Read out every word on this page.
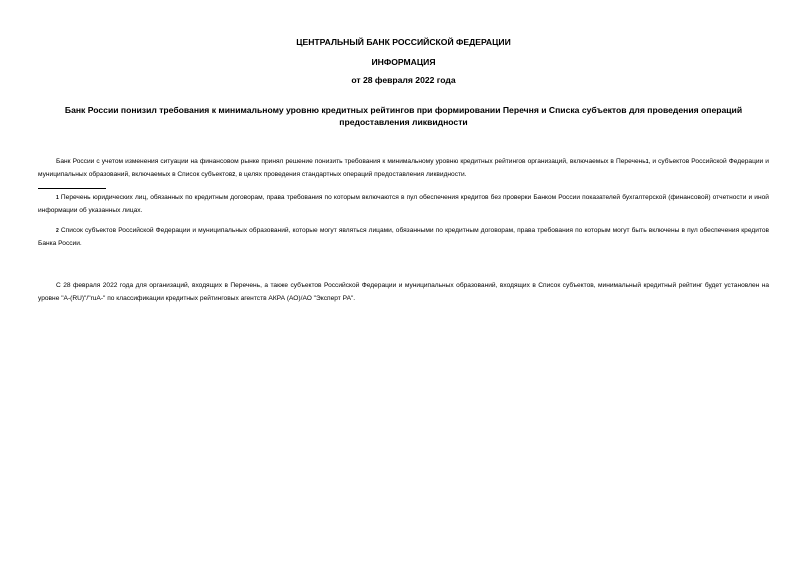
ЦЕНТРАЛЬНЫЙ БАНК РОССИЙСКОЙ ФЕДЕРАЦИИ
ИНФОРМАЦИЯ
от 28 февраля 2022 года
Банк России понизил требования к минимальному уровню кредитных рейтингов при формировании Перечня и Списка субъектов для проведения операций предоставления ликвидности
Банк России с учетом изменения ситуации на финансовом рынке принял решение понизить требования к минимальному уровню кредитных рейтингов организаций, включаемых в Перечень1, и субъектов Российской Федерации и муниципальных образований, включаемых в Список субъектов2, в целях проведения стандартных операций предоставления ликвидности.
1 Перечень юридических лиц, обязанных по кредитным договорам, права требования по которым включаются в пул обеспечения кредитов без проверки Банком России показателей бухгалтерской (финансовой) отчетности и иной информации об указанных лицах.
2 Список субъектов Российской Федерации и муниципальных образований, которые могут являться лицами, обязанными по кредитным договорам, права требования по которым могут быть включены в пул обеспечения кредитов Банка России.
С 28 февраля 2022 года для организаций, входящих в Перечень, а также субъектов Российской Федерации и муниципальных образований, входящих в Список субъектов, минимальный кредитный рейтинг будет установлен на уровне "A-(RU)"/"ruA-" по классификации кредитных рейтинговых агентств АКРА (АО)/АО "Эксперт РА".
